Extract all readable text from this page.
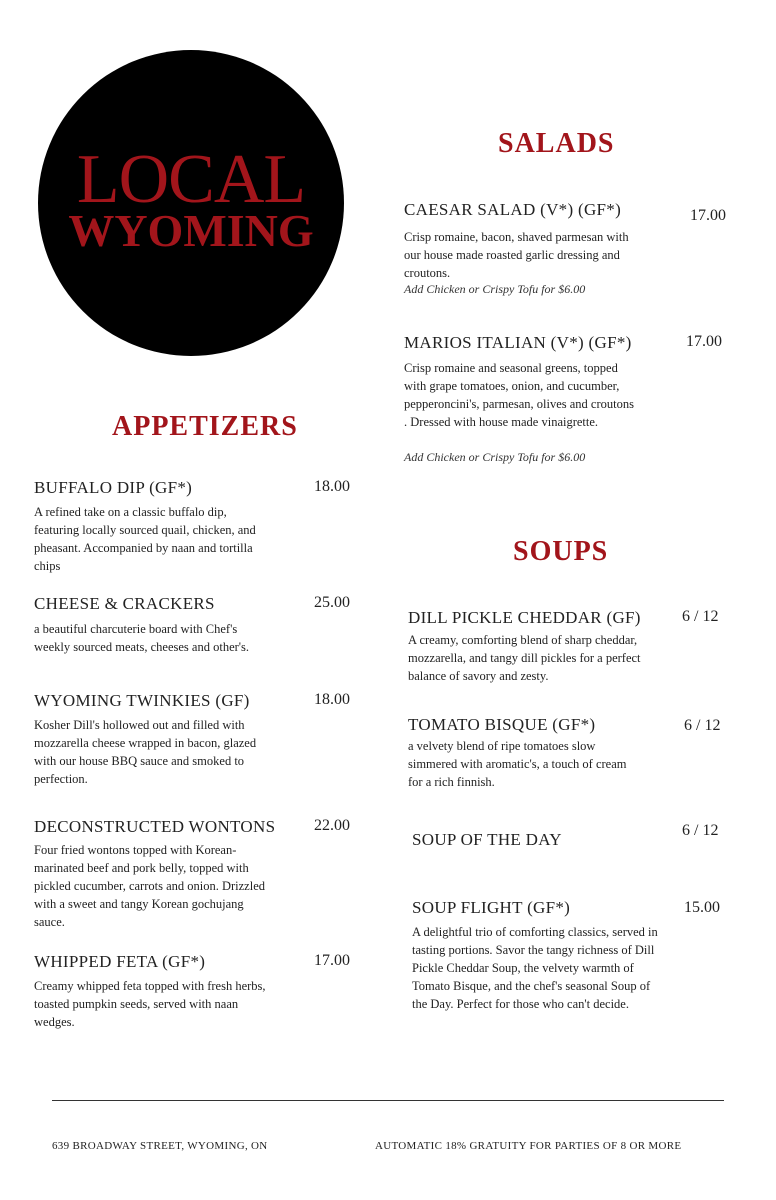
LOCAL
WYOMING
SALADS
CAESAR SALAD (V*) (GF*)	17.00
Crisp romaine, bacon, shaved parmesan with our house made roasted garlic dressing and croutons.
Add Chicken or Crispy Tofu for $6.00
MARIOS ITALIAN (V*) (GF*)	17.00
Crisp romaine and seasonal greens, topped with grape tomatoes, onion, and cucumber, pepperoncini's, parmesan, olives and croutons . Dressed with house made vinaigrette.
Add Chicken or Crispy Tofu for $6.00
APPETIZERS
BUFFALO DIP (GF*)	18.00
A refined take on a classic buffalo dip, featuring locally sourced quail, chicken, and pheasant. Accompanied by naan and tortilla chips
CHEESE & CRACKERS	25.00
a beautiful charcuterie board with Chef's weekly sourced meats, cheeses and other's.
WYOMING TWINKIES (GF)	18.00
Kosher Dill's hollowed out and filled with mozzarella cheese wrapped in bacon, glazed with our house BBQ sauce and smoked to perfection.
DECONSTRUCTED WONTONS 22.00
Four fried wontons topped with Korean-marinated beef and pork belly, topped with pickled cucumber, carrots and onion. Drizzled with a sweet and tangy Korean gochujang sauce.
WHIPPED FETA (GF*)	17.00
Creamy whipped feta topped with fresh herbs, toasted pumpkin seeds, served with naan wedges.
SOUPS
DILL PICKLE CHEDDAR (GF)	6 / 12
A creamy, comforting blend of sharp cheddar, mozzarella, and tangy dill pickles for a perfect balance of savory and zesty.
TOMATO BISQUE (GF*)	6 / 12
a velvety blend of ripe tomatoes slow simmered with aromatic's, a touch of cream for a rich finnish.
SOUP OF THE DAY	6 / 12
SOUP FLIGHT (GF*)	15.00
A delightful trio of comforting classics, served in tasting portions. Savor the tangy richness of Dill Pickle Cheddar Soup, the velvety warmth of Tomato Bisque, and the chef's seasonal Soup of the Day. Perfect for those who can't decide.
639 BROADWAY STREET, WYOMING, ON	AUTOMATIC 18% GRATUITY FOR PARTIES OF 8 OR MORE
